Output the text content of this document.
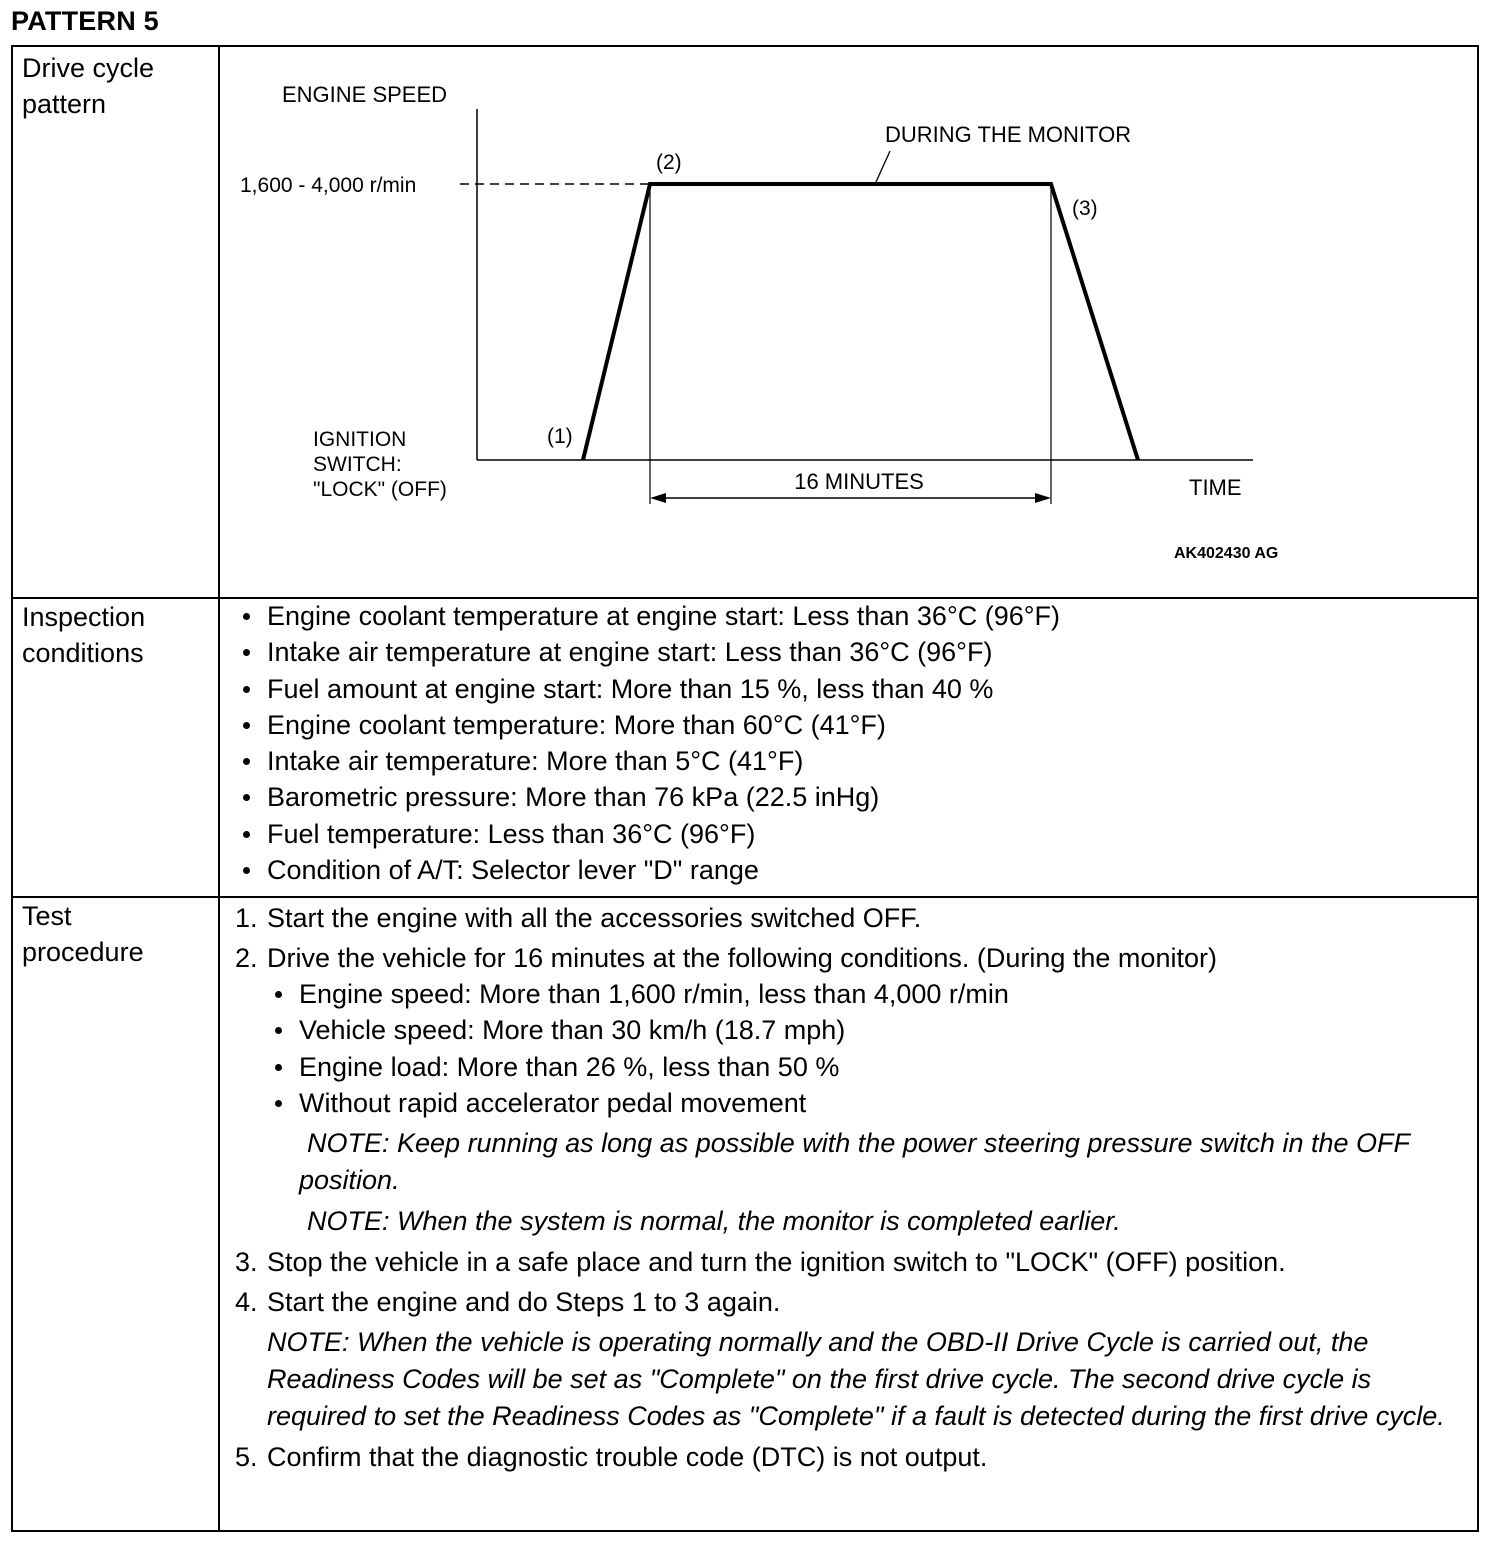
PATTERN 5
Drive cycle pattern
Inspection conditions
Test procedure
ENGINE SPEED
1,600 - 4,000 r/min
16 MINUTES
DURING THE MONITOR
(2)
(3)
(1)
IGNITION
SWITCH:
"LOCK" (OFF)	TIME
AK402430 AG
Engine coolant temperature at engine start: Less than 36°C (96°F)
Intake air temperature at engine start: Less than 36°C (96°F)
Fuel amount at engine start: More than 15 %, less than 40 %
Engine coolant temperature: More than 60°C (41°F)
Intake air temperature: More than 5°C (41°F)
Barometric pressure: More than 76 kPa (22.5 inHg)
Fuel temperature: Less than 36°C (96°F)
Condition of A/T: Selector lever "D" range
1. Start the engine with all the accessories switched OFF.
2. Drive the vehicle for 16 minutes at the following conditions. (During the monitor)
Engine speed: More than 1,600 r/min, less than 4,000 r/min
Vehicle speed: More than 30 km/h (18.7 mph)
Engine load: More than 26 %, less than 50 %
Without rapid accelerator pedal movement
NOTE: Keep running as long as possible with the power steering pressure switch in the OFF position.
NOTE: When the system is normal, the monitor is completed earlier.
3. Stop the vehicle in a safe place and turn the ignition switch to "LOCK" (OFF) position.
4. Start the engine and do Steps 1 to 3 again.
NOTE: When the vehicle is operating normally and the OBD-II Drive Cycle is carried out, the Readiness Codes will be set as "Complete" on the first drive cycle. The second drive cycle is required to set the Readiness Codes as "Complete" if a fault is detected during the first drive cycle.
5. Confirm that the diagnostic trouble code (DTC) is not output.
